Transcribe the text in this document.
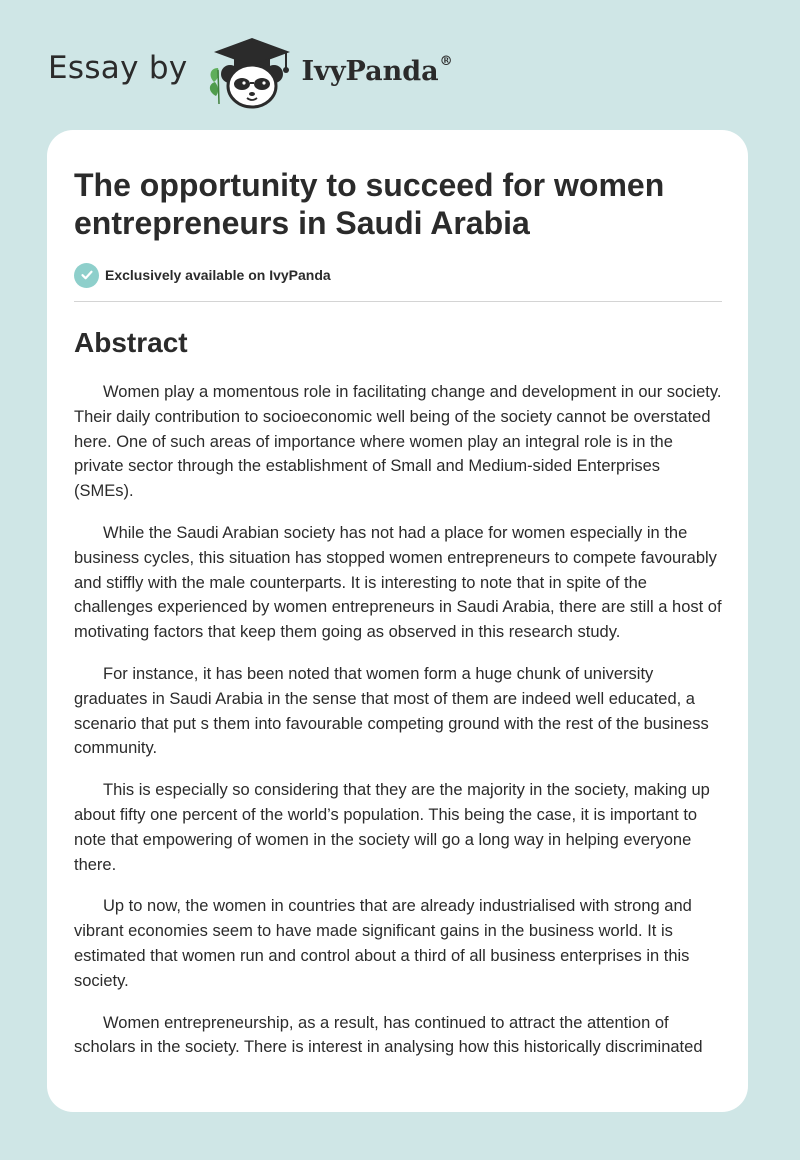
Essay by	IvyPanda®
The opportunity to succeed for women entrepreneurs in Saudi Arabia
Exclusively available on IvyPanda
Abstract

Women play a momentous role in facilitating change and development in our society. Their daily contribution to socioeconomic well being of the society cannot be overstated here. One of such areas of importance where women play an integral role is in the private sector through the establishment of Small and Medium-sided Enterprises (SMEs).

While the Saudi Arabian society has not had a place for women especially in the business cycles, this situation has stopped women entrepreneurs to compete favourably and stiffly with the male counterparts. It is interesting to note that in spite of the challenges experienced by women entrepreneurs in Saudi Arabia, there are still a host of motivating factors that keep them going as observed in this research study.

For instance, it has been noted that women form a huge chunk of university graduates in Saudi Arabia in the sense that most of them are indeed well educated, a scenario that put s them into favourable competing ground with the rest of the business community.

This is especially so considering that they are the majority in the society, making up about fifty one percent of the world’s population. This being the case, it is important to note that empowering of women in the society will go a long way in helping everyone there.

Up to now, the women in countries that are already industrialised with strong and vibrant economies seem to have made significant gains in the business world. It is estimated that women run and control about a third of all business enterprises in this society.

Women entrepreneurship, as a result, has continued to attract the attention of scholars in the society. There is interest in analysing how this historically discriminated
